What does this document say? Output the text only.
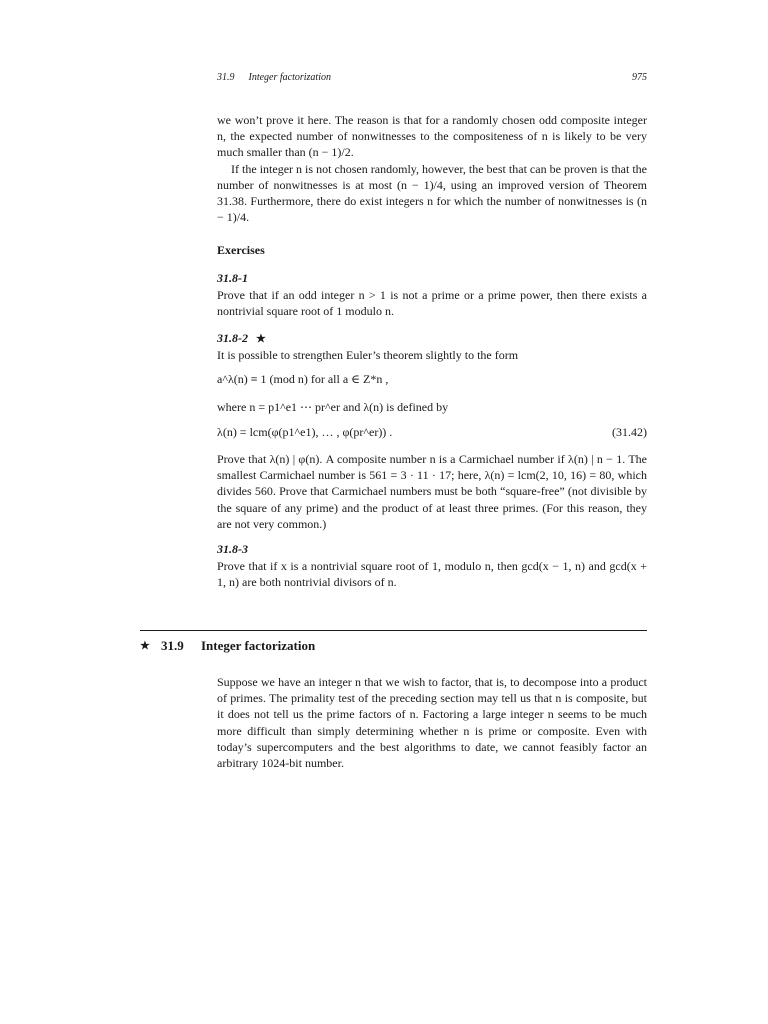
31.9 Integer factorization	975

we won’t prove it here. The reason is that for a randomly chosen odd composite integer n, the expected number of nonwitnesses to the compositeness of n is likely to be very much smaller than (n − 1)/2.

If the integer n is not chosen randomly, however, the best that can be proven is that the number of nonwitnesses is at most (n − 1)/4, using an improved version of Theorem 31.38. Furthermore, there do exist integers n for which the number of nonwitnesses is (n − 1)/4.

Exercises
31.8-1
Prove that if an odd integer n > 1 is not a prime or a prime power, then there exists a nontrivial square root of 1 modulo n.
31.8-2 ★
It is possible to strengthen Euler’s theorem slightly to the form
a^λ(n) ≡ 1 (mod n) for all a ∈ Z*n ,
where n = p1^e1 ⋯ pr^er and λ(n) is defined by
λ(n) = lcm(φ(p1^e1), … , φ(pr^er)) .	(31.42)
Prove that λ(n) | φ(n). A composite number n is a Carmichael number if λ(n) | n − 1. The smallest Carmichael number is 561 = 3 · 11 · 17; here, λ(n) = lcm(2, 10, 16) = 80, which divides 560. Prove that Carmichael numbers must be both “square-free” (not divisible by the square of any prime) and the product of at least three primes. (For this reason, they are not very common.)
31.8-3
Prove that if x is a nontrivial square root of 1, modulo n, then gcd(x − 1, n) and gcd(x + 1, n) are both nontrivial divisors of n.
★ 31.9 Integer factorization
Suppose we have an integer n that we wish to factor, that is, to decompose into a product of primes. The primality test of the preceding section may tell us that n is composite, but it does not tell us the prime factors of n. Factoring a large integer n seems to be much more difficult than simply determining whether n is prime or composite. Even with today’s supercomputers and the best algorithms to date, we cannot feasibly factor an arbitrary 1024-bit number.
